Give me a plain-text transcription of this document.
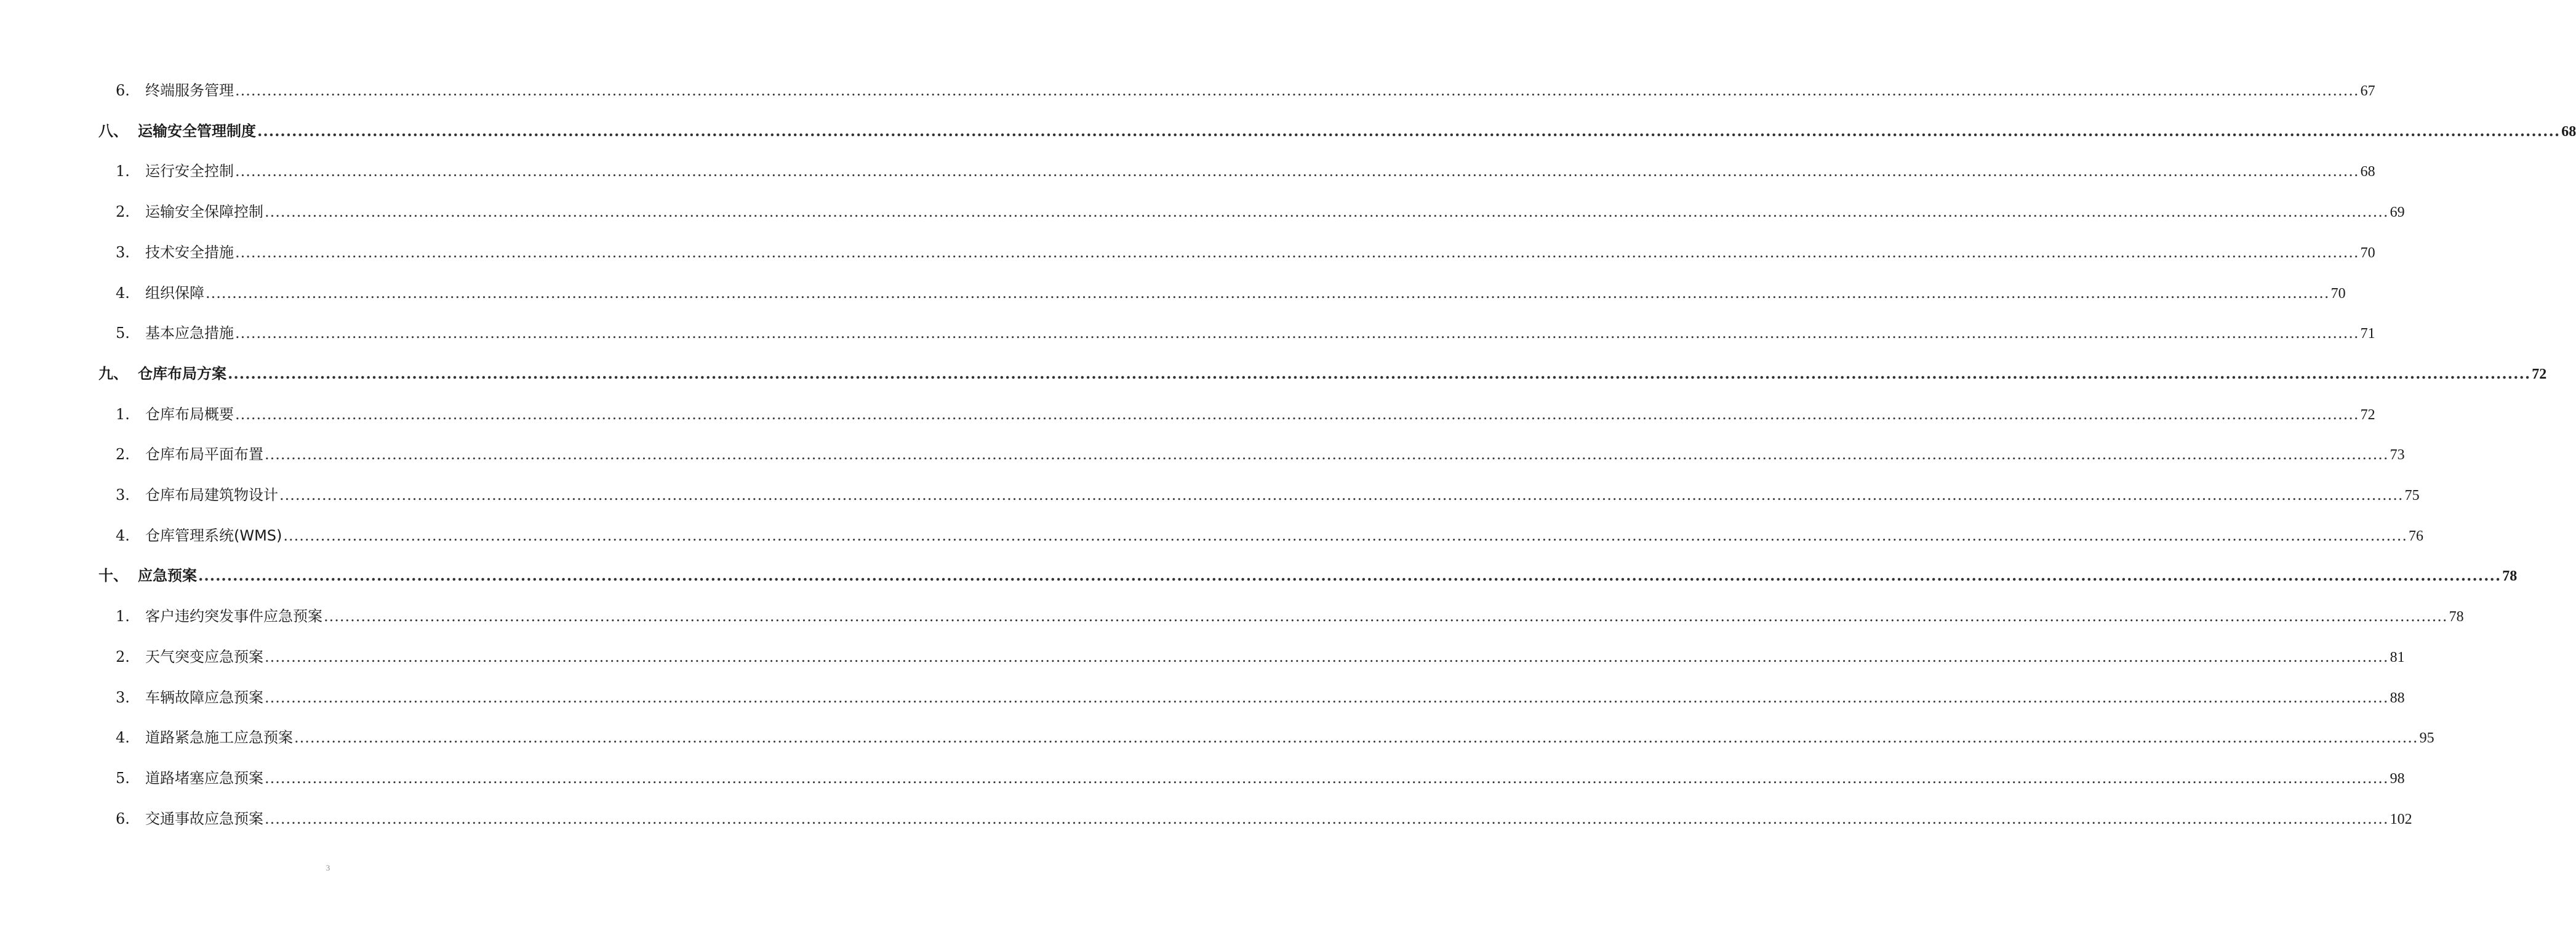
6.	终端服务管理 ................................................................................................................................................................................................................................................................................................................................................................................................................ 67
八、 运输安全管理制度 ................................................................................................................................................................................................................................................................................................................................................................................................................ 68
1.	运行安全控制 ................................................................................................................................................................................................................................................................................................................................................................................................................ 68
2.	运输安全保障控制 ................................................................................................................................................................................................................................................................................................................................................................................................................ 69
3.	技术安全措施 ................................................................................................................................................................................................................................................................................................................................................................................................................ 70
4.	组织保障 ................................................................................................................................................................................................................................................................................................................................................................................................................ 70
5.	基本应急措施 ................................................................................................................................................................................................................................................................................................................................................................................................................ 71
九、 仓库布局方案 ................................................................................................................................................................................................................................................................................................................................................................................................................ 72
1.	仓库布局概要 ................................................................................................................................................................................................................................................................................................................................................................................................................ 72
2.	仓库布局平面布置 ................................................................................................................................................................................................................................................................................................................................................................................................................ 73
3.	仓库布局建筑物设计 ................................................................................................................................................................................................................................................................................................................................................................................................................ 75
4.	仓库管理系统(WMS) ................................................................................................................................................................................................................................................................................................................................................................................................................ 76
十、 应急预案 ................................................................................................................................................................................................................................................................................................................................................................................................................ 78
1.	客户违约突发事件应急预案 ................................................................................................................................................................................................................................................................................................................................................................................................................ 78
2.	天气突变应急预案 ................................................................................................................................................................................................................................................................................................................................................................................................................ 81
3.	车辆故障应急预案 ................................................................................................................................................................................................................................................................................................................................................................................................................ 88
4.	道路紧急施工应急预案 ................................................................................................................................................................................................................................................................................................................................................................................................................ 95
5.	道路堵塞应急预案 ................................................................................................................................................................................................................................................................................................................................................................................................................ 98
6.	交通事故应急预案 ................................................................................................................................................................................................................................................................................................................................................................................................................ 102
3
